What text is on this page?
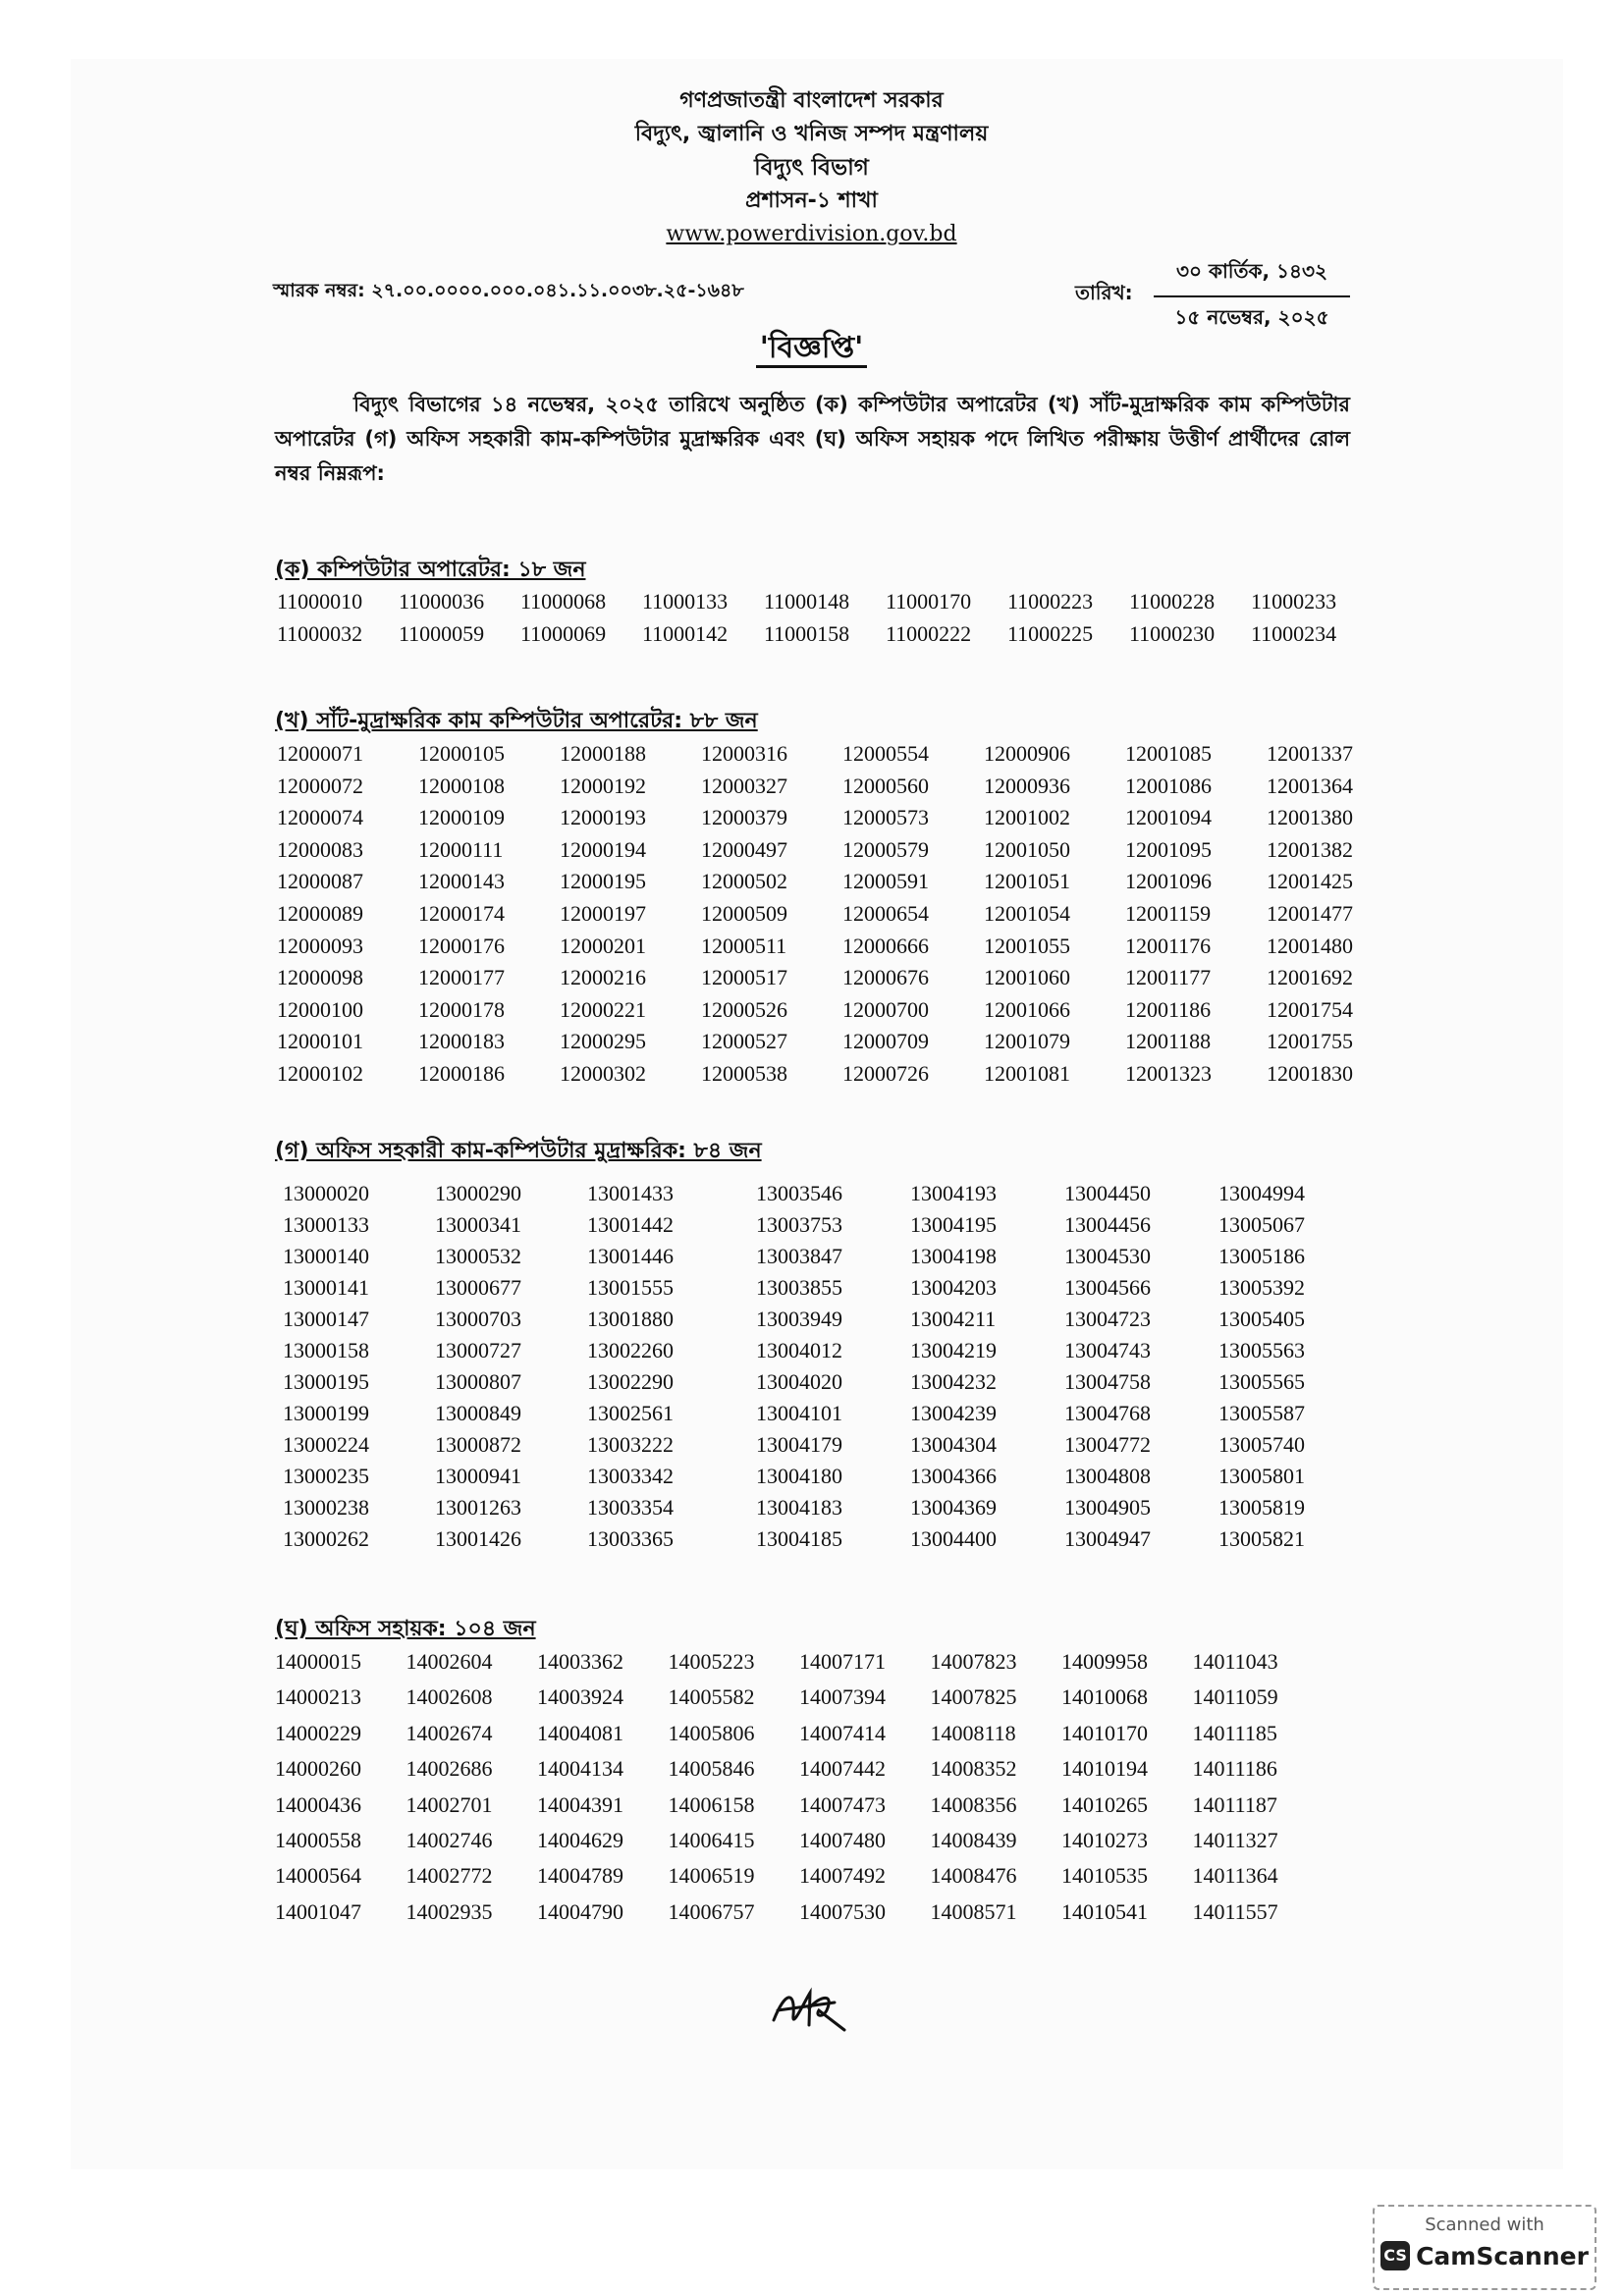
গণপ্রজাতন্ত্রী বাংলাদেশ সরকার
বিদ্যুৎ, জ্বালানি ও খনিজ সম্পদ মন্ত্রণালয়
বিদ্যুৎ বিভাগ
প্রশাসন-১ শাখা
www.powerdivision.gov.bd
স্মারক নম্বর: ২৭.০০.০০০০.০০০.০৪১.১১.০০৩৮.২৫-১৬৪৮	তারিখ:
৩০ কার্তিক, ১৪৩২
১৫ নভেম্বর, ২০২৫
'বিজ্ঞপ্তি'
বিদ্যুৎ বিভাগের ১৪ নভেম্বর, ২০২৫ তারিখে অনুষ্ঠিত (ক) কম্পিউটার অপারেটর (খ) সাঁট-মুদ্রাক্ষরিক কাম কম্পিউটার অপারেটর (গ) অফিস সহকারী কাম-কম্পিউটার মুদ্রাক্ষরিক এবং (ঘ) অফিস সহায়ক পদে লিখিত পরীক্ষায় উত্তীর্ণ প্রার্থীদের রোল নম্বর নিম্নরূপ:
(ক) কম্পিউটার অপারেটর: ১৮ জন
11000010
11000032
11000036
11000059
11000068
11000069
11000133
11000142
11000148
11000158
11000170
11000222
11000223
11000225
11000228
11000230
11000233
11000234
(খ) সাঁট-মুদ্রাক্ষরিক কাম কম্পিউটার অপারেটর: ৮৮ জন
12000071
12000072
12000074
12000083
12000087
12000089
12000093
12000098
12000100
12000101
12000102
12000105
12000108
12000109
12000111
12000143
12000174
12000176
12000177
12000178
12000183
12000186
12000188
12000192
12000193
12000194
12000195
12000197
12000201
12000216
12000221
12000295
12000302
12000316
12000327
12000379
12000497
12000502
12000509
12000511
12000517
12000526
12000527
12000538
12000554
12000560
12000573
12000579
12000591
12000654
12000666
12000676
12000700
12000709
12000726
12000906
12000936
12001002
12001050
12001051
12001054
12001055
12001060
12001066
12001079
12001081
12001085
12001086
12001094
12001095
12001096
12001159
12001176
12001177
12001186
12001188
12001323
12001337
12001364
12001380
12001382
12001425
12001477
12001480
12001692
12001754
12001755
12001830
(গ) অফিস সহকারী কাম-কম্পিউটার মুদ্রাক্ষরিক: ৮৪ জন
13000020
13000133
13000140
13000141
13000147
13000158
13000195
13000199
13000224
13000235
13000238
13000262
13000290
13000341
13000532
13000677
13000703
13000727
13000807
13000849
13000872
13000941
13001263
13001426
13001433
13001442
13001446
13001555
13001880
13002260
13002290
13002561
13003222
13003342
13003354
13003365
13003546
13003753
13003847
13003855
13003949
13004012
13004020
13004101
13004179
13004180
13004183
13004185
13004193
13004195
13004198
13004203
13004211
13004219
13004232
13004239
13004304
13004366
13004369
13004400
13004450
13004456
13004530
13004566
13004723
13004743
13004758
13004768
13004772
13004808
13004905
13004947
13004994
13005067
13005186
13005392
13005405
13005563
13005565
13005587
13005740
13005801
13005819
13005821
(ঘ) অফিস সহায়ক: ১০৪ জন
14000015
14000213
14000229
14000260
14000436
14000558
14000564
14001047
14002604
14002608
14002674
14002686
14002701
14002746
14002772
14002935
14003362
14003924
14004081
14004134
14004391
14004629
14004789
14004790
14005223
14005582
14005806
14005846
14006158
14006415
14006519
14006757
14007171
14007394
14007414
14007442
14007473
14007480
14007492
14007530
14007823
14007825
14008118
14008352
14008356
14008439
14008476
14008571
14009958
14010068
14010170
14010194
14010265
14010273
14010535
14010541
14011043
14011059
14011185
14011186
14011187
14011327
14011364
14011557
Scanned with
CS CamScanner
